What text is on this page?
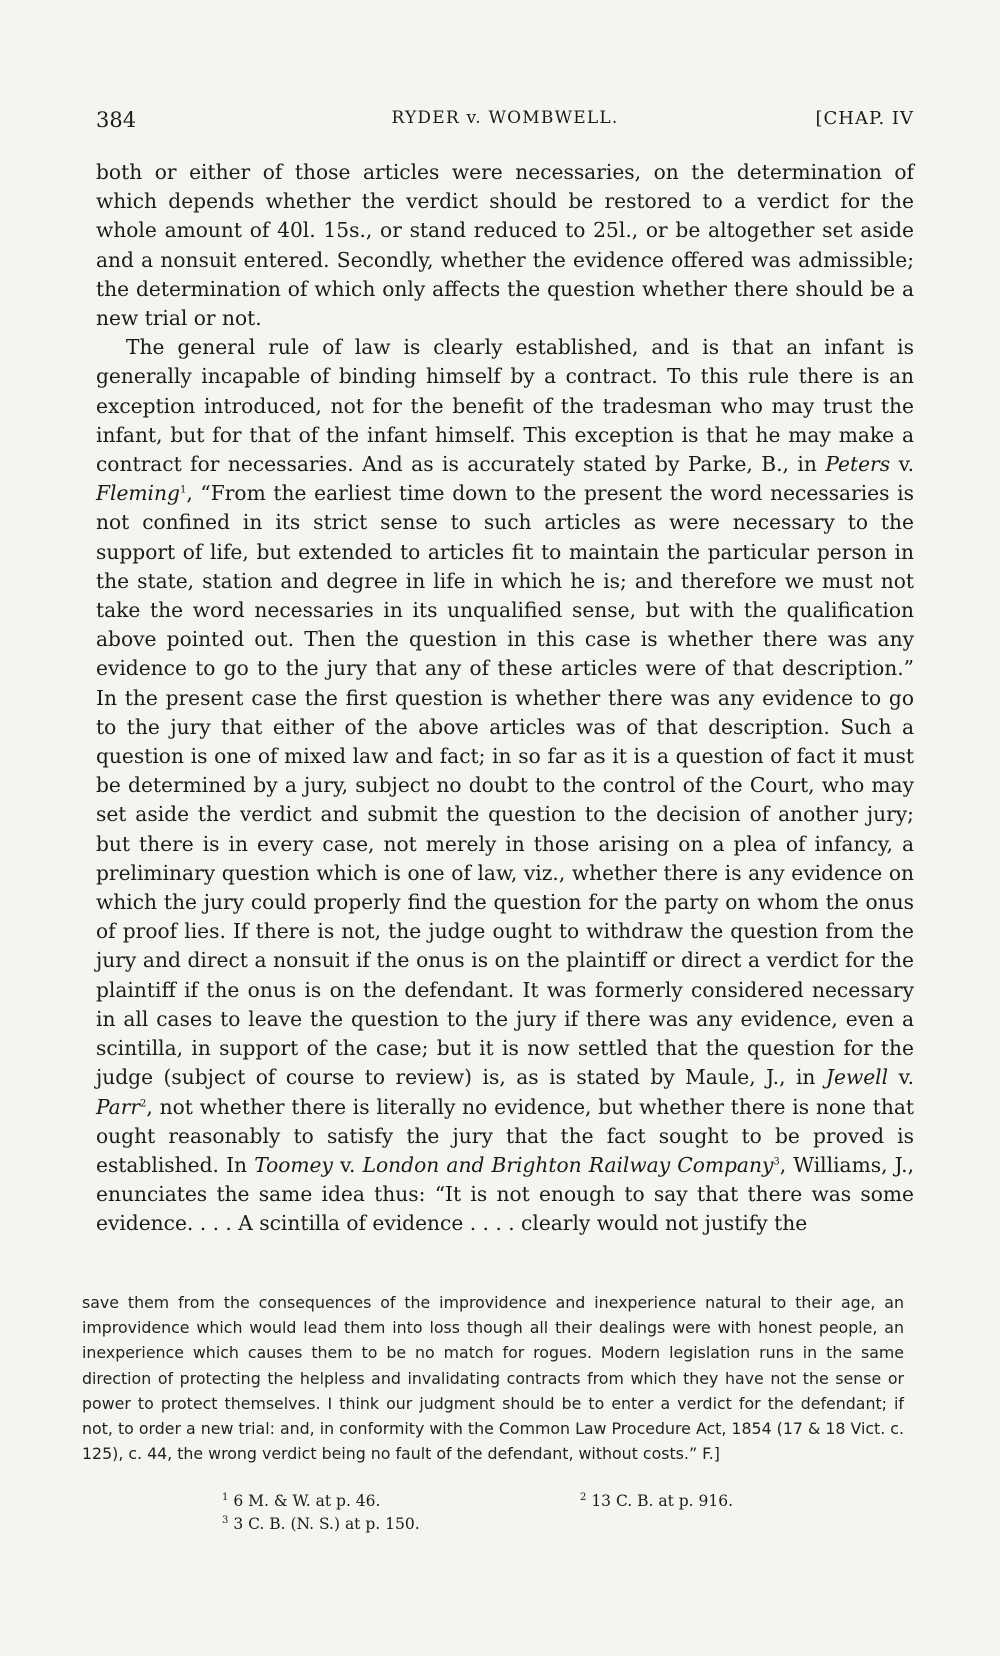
384	RYDER v. WOMBWELL.	[CHAP. IV

both or either of those articles were necessaries, on the determination of which depends whether the verdict should be restored to a verdict for the whole amount of 40l. 15s., or stand reduced to 25l., or be altogether set aside and a nonsuit entered. Secondly, whether the evidence offered was admissible; the determination of which only affects the question whether there should be a new trial or not.

The general rule of law is clearly established, and is that an infant is generally incapable of binding himself by a contract. To this rule there is an exception introduced, not for the benefit of the tradesman who may trust the infant, but for that of the infant himself. This exception is that he may make a contract for necessaries. And as is accurately stated by Parke, B., in Peters v. Fleming$^1$, “From the earliest time down to the present the word necessaries is not confined in its strict sense to such articles as were necessary to the support of life, but extended to articles fit to maintain the particular person in the state, station and degree in life in which he is; and therefore we must not take the word necessaries in its unqualified sense, but with the qualification above pointed out. Then the question in this case is whether there was any evidence to go to the jury that any of these articles were of that description.” In the present case the first question is whether there was any evidence to go to the jury that either of the above articles was of that description. Such a question is one of mixed law and fact; in so far as it is a question of fact it must be determined by a jury, subject no doubt to the control of the Court, who may set aside the verdict and submit the question to the decision of another jury; but there is in every case, not merely in those arising on a plea of infancy, a preliminary question which is one of law, viz., whether there is any evidence on which the jury could properly find the question for the party on whom the onus of proof lies. If there is not, the judge ought to withdraw the question from the jury and direct a nonsuit if the onus is on the plaintiff or direct a verdict for the plaintiff if the onus is on the defendant. It was formerly considered necessary in all cases to leave the question to the jury if there was any evidence, even a scintilla, in support of the case; but it is now settled that the question for the judge (subject of course to review) is, as is stated by Maule, J., in Jewell v. Parr$^2$, not whether there is literally no evidence, but whether there is none that ought reasonably to satisfy the jury that the fact sought to be proved is established. In Toomey v. London and Brighton Railway Company$^3$, Williams, J., enunciates the same idea thus: “It is not enough to say that there was some evidence. . . . A scintilla of evidence . . . . clearly would not justify the

save them from the consequences of the improvidence and inexperience natural to their age, an improvidence which would lead them into loss though all their dealings were with honest people, an inexperience which causes them to be no match for rogues. Modern legislation runs in the same direction of protecting the helpless and invalidating contracts from which they have not the sense or power to protect themselves. I think our judgment should be to enter a verdict for the defendant; if not, to order a new trial: and, in conformity with the Common Law Procedure Act, 1854 (17 & 18 Vict. c. 125), c. 44, the wrong verdict being no fault of the defendant, without costs.” F.]

$^1$ 6 M. & W. at p. 46.	$^2$ 13 C. B. at p. 916.
$^3$ 3 C. B. (N. S.) at p. 150.
